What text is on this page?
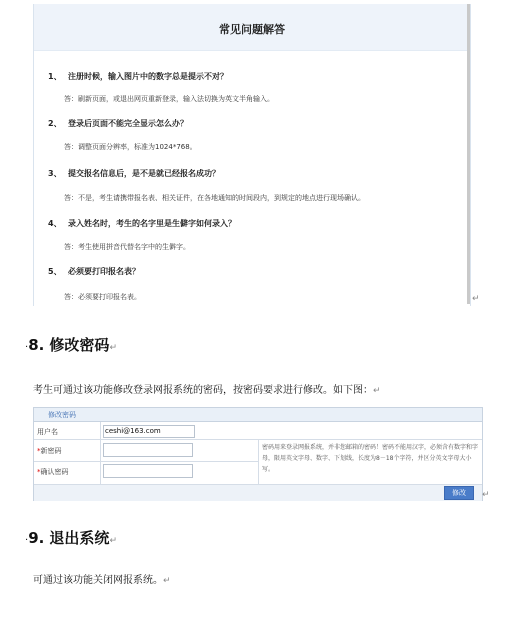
常见问题解答
1、 注册时候，输入图片中的数字总是提示不对？
答：刷新页面，或退出网页重新登录，输入法切换为英文半角输入。
2、 登录后页面不能完全显示怎么办？
答：调整页面分辨率，标准为1024*768。
3、 提交报名信息后，是不是就已经报名成功？
答：不是，考生请携带报名表、相关证件，在各地通知的时间段内，到规定的地点进行现场确认。
4、 录入姓名时，考生的名字里是生僻字如何录入？
答：考生使用拼音代替名字中的生僻字。
5、 必须要打印报名表？
答：必须要打印报名表。	↵
·8. 修改密码↵
考生可通过该功能修改登录网报系统的密码，按密码要求进行修改。如下图：↵
修改密码
用户名	ceshi@163.com
*新密码
*确认密码
密码用来登录网报系统，并非您邮箱的密码！密码不能用汉字，必须含有数字和字母，限用英文字母、数字、下划线，长度为8－18个字符，并区分英文字母大小写。
修改	↵
·9. 退出系统↵
可通过该功能关闭网报系统。↵
